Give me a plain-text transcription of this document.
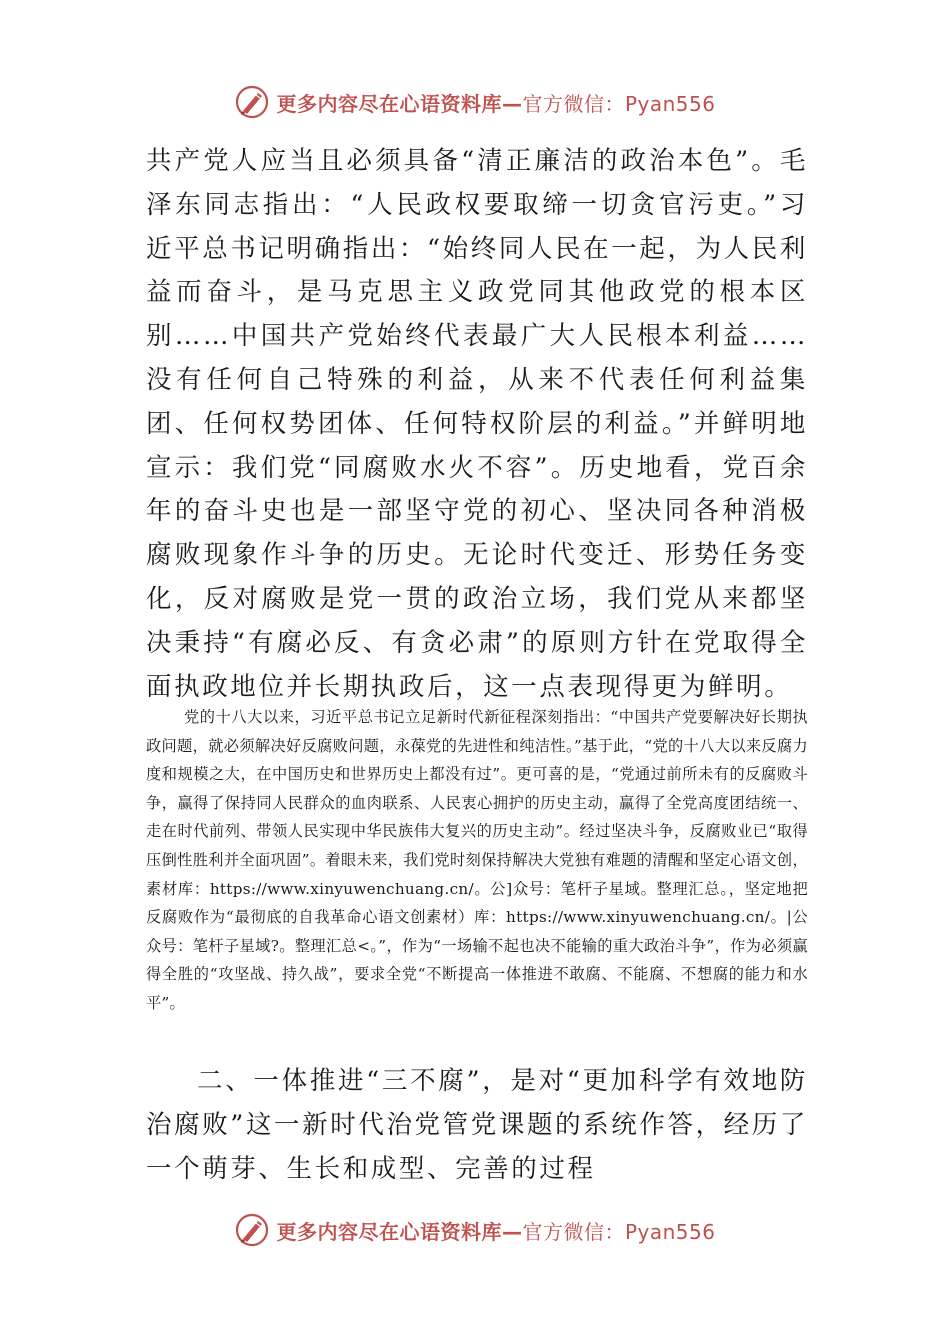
更多内容尽在心语资料库—官方微信：Pyan556

共产党人应当且必须具备“清正廉洁的政治本色”。毛泽东同志指出：“人民政权要取缔一切贪官污吏。”习近平总书记明确指出：“始终同人民在一起，为人民利益而奋斗，是马克思主义政党同其他政党的根本区别……中国共产党始终代表最广大人民根本利益……没有任何自己特殊的利益，从来不代表任何利益集团、任何权势团体、任何特权阶层的利益。”并鲜明地宣示：我们党“同腐败水火不容”。历史地看，党百余年的奋斗史也是一部坚守党的初心、坚决同各种消极腐败现象作斗争的历史。无论时代变迁、形势任务变化，反对腐败是党一贯的政治立场，我们党从来都坚决秉持“有腐必反、有贪必肃”的原则方针在党取得全面执政地位并长期执政后，这一点表现得更为鲜明。

党的十八大以来，习近平总书记立足新时代新征程深刻指出：“中国共产党要解决好长期执政问题，就必须解决好反腐败问题，永葆党的先进性和纯洁性。”基于此，“党的十八大以来反腐力度和规模之大，在中国历史和世界历史上都没有过”。更可喜的是，“党通过前所未有的反腐败斗争，赢得了保持同人民群众的血肉联系、人民衷心拥护的历史主动，赢得了全党高度团结统一、走在时代前列、带领人民实现中华民族伟大复兴的历史主动”。经过坚决斗争，反腐败业已“取得压倒性胜利并全面巩固”。着眼未来，我们党时刻保持解决大党独有难题的清醒和坚定心语文创，素材库：https://www.xinyuwenchuang.cn/。公]众号：笔杆子星域。整理汇总。，坚定地把反腐败作为“最彻底的自我革命心语文创素材）库：https://www.xinyuwenchuang.cn/。|公众号：笔杆子星域?。整理汇总<。”，作为“一场输不起也决不能输的重大政治斗争”，作为必须赢得全胜的“攻坚战、持久战”，要求全党“不断提高一体推进不敢腐、不能腐、不想腐的能力和水平”。

二、一体推进“三不腐”，是对“更加科学有效地防治腐败”这一新时代治党管党课题的系统作答，经历了一个萌芽、生长和成型、完善的过程

更多内容尽在心语资料库—官方微信：Pyan556
